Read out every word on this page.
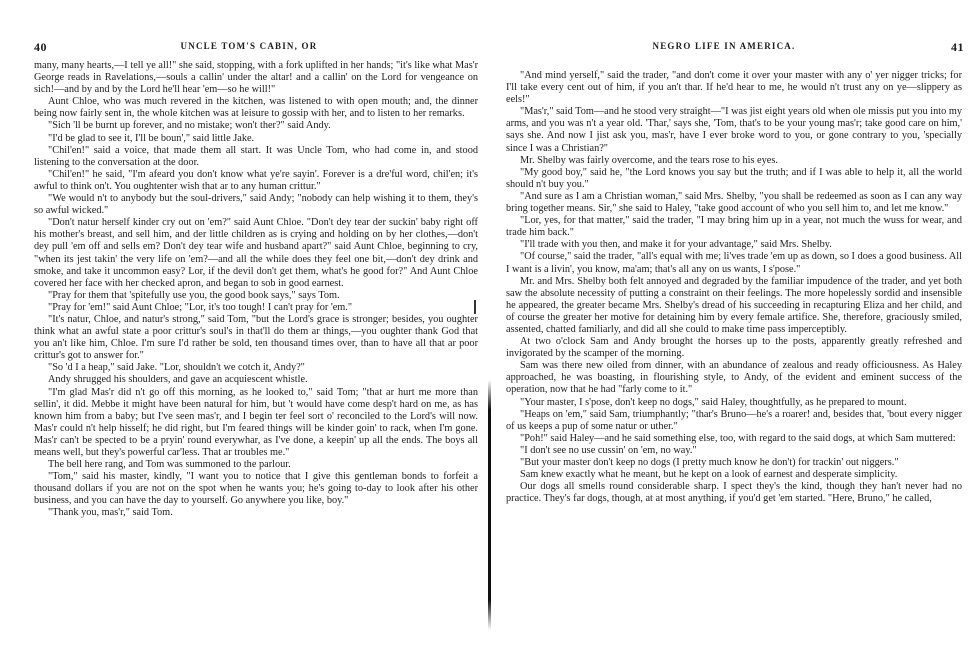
40	UNCLE TOM'S CABIN, OR

many, many hearts,—I tell ye all!" she said, stopping, with a fork uplifted in her hands; "it's like what Mas'r George reads in Ravelations,—souls a callin' under the altar! and a callin' on the Lord for vengeance on sich!—and by and by the Lord he'll hear 'em—so he will!"

Aunt Chloe, who was much revered in the kitchen, was listened to with open mouth; and, the dinner being now fairly sent in, the whole kitchen was at leisure to gossip with her, and to listen to her remarks.

"Sich 'll be burnt up forever, and no mistake; won't ther?" said Andy.

"I'd be glad to see it, I'll be boun'," said little Jake.

"Chil'en!" said a voice, that made them all start. It was Uncle Tom, who had come in, and stood listening to the conversation at the door.

"Chil'en!" he said, "I'm afeard you don't know what ye're sayin'. Forever is a dre'ful word, chil'en; it's awful to think on't. You oughtenter wish that ar to any human crittur."

"We would n't to anybody but the soul-drivers," said Andy; "nobody can help wishing it to them, they's so awful wicked."

"Don't natur herself kinder cry out on 'em?" said Aunt Chloe. "Don't dey tear der suckin' baby right off his mother's breast, and sell him, and der little children as is crying and holding on by her clothes,—don't dey pull 'em off and sells em? Don't dey tear wife and husband apart?" said Aunt Chloe, beginning to cry, "when its jest takin' the very life on 'em?—and all the while does they feel one bit,—don't dey drink and smoke, and take it uncommon easy? Lor, if the devil don't get them, what's he good for?" And Aunt Chloe covered her face with her checked apron, and began to sob in good earnest.

"Pray for them that 'spitefully use you, the good book says," says Tom.

"Pray for 'em!" said Aunt Chloe; "Lor, it's too tough! I can't pray for 'em."

"It's natur, Chloe, and natur's strong," said Tom, "but the Lord's grace is stronger; besides, you oughter think what an awful state a poor crittur's soul's in that'll do them ar things,—you oughter thank God that you an't like him, Chloe. I'm sure I'd rather be sold, ten thousand times over, than to have all that ar poor crittur's got to answer for."

"So 'd I a heap," said Jake. "Lor, shouldn't we cotch it, Andy?"

Andy shrugged his shoulders, and gave an acquiescent whistle.

"I'm glad Mas'r did n't go off this morning, as he looked to," said Tom; "that ar hurt me more than sellin', it did. Mebbe it might have been natural for him, but 't would have come desp't hard on me, as has known him from a baby; but I've seen mas'r, and I begin ter feel sort o' reconciled to the Lord's will now. Mas'r could n't help hisself; he did right, but I'm feared things will be kinder goin' to rack, when I'm gone. Mas'r can't be spected to be a pryin' round everywhar, as I've done, a keepin' up all the ends. The boys all means well, but they's powerful car'less. That ar troubles me."

The bell here rang, and Tom was summoned to the parlour.

"Tom," said his master, kindly, "I want you to notice that I give this gentleman bonds to forfeit a thousand dollars if you are not on the spot when he wants you; he's going to-day to look after his other business, and you can have the day to yourself. Go anywhere you like, boy."

"Thank you, mas'r," said Tom.

NEGRO LIFE IN AMERICA.	41

"And mind yerself," said the trader, "and don't come it over your master with any o' yer nigger tricks; for I'll take every cent out of him, if you an't thar. If he'd hear to me, he would n't trust any on ye—slippery as eels!"

"Mas'r," said Tom—and he stood very straight—"I was jist eight years old when ole missis put you into my arms, and you was n't a year old. 'Thar,' says she, 'Tom, that's to be your young mas'r; take good care on him,' says she. And now I jist ask you, mas'r, have I ever broke word to you, or gone contrary to you, 'specially since I was a Christian?"

Mr. Shelby was fairly overcome, and the tears rose to his eyes.

"My good boy," said he, "the Lord knows you say but the truth; and if I was able to help it, all the world should n't buy you."

"And sure as I am a Christian woman," said Mrs. Shelby, "you shall be redeemed as soon as I can any way bring together means. Sir," she said to Haley, "take good account of who you sell him to, and let me know."

"Lor, yes, for that matter," said the trader, "I may bring him up in a year, not much the wuss for wear, and trade him back."

"I'll trade with you then, and make it for your advantage," said Mrs. Shelby.

"Of course," said the trader, "all's equal with me; li'ves trade 'em up as down, so I does a good business. All I want is a livin', you know, ma'am; that's all any on us wants, I s'pose."

Mr. and Mrs. Shelby both felt annoyed and degraded by the familiar impudence of the trader, and yet both saw the absolute necessity of putting a constraint on their feelings. The more hopelessly sordid and insensible he appeared, the greater became Mrs. Shelby's dread of his succeeding in recapturing Eliza and her child, and of course the greater her motive for detaining him by every female artifice. She, therefore, graciously smiled, assented, chatted familiarly, and did all she could to make time pass imperceptibly.

At two o'clock Sam and Andy brought the horses up to the posts, apparently greatly refreshed and invigorated by the scamper of the morning.

Sam was there new oiled from dinner, with an abundance of zealous and ready officiousness. As Haley approached, he was boasting, in flourishing style, to Andy, of the evident and eminent success of the operation, now that he had "farly come to it."

"Your master, I s'pose, don't keep no dogs," said Haley, thoughtfully, as he prepared to mount.

"Heaps on 'em," said Sam, triumphantly; "thar's Bruno—he's a roarer! and, besides that, 'bout every nigger of us keeps a pup of some natur or uther."

"Poh!" said Haley—and he said something else, too, with regard to the said dogs, at which Sam muttered:

"I don't see no use cussin' on 'em, no way."

"But your master don't keep no dogs (I pretty much know he don't) for trackin' out niggers."

Sam knew exactly what he meant, but he kept on a look of earnest and desperate simplicity.

Our dogs all smells round considerable sharp. I spect they's the kind, though they han't never had no practice. They's far dogs, though, at at most anything, if you'd get 'em started. "Here, Bruno," he called,
